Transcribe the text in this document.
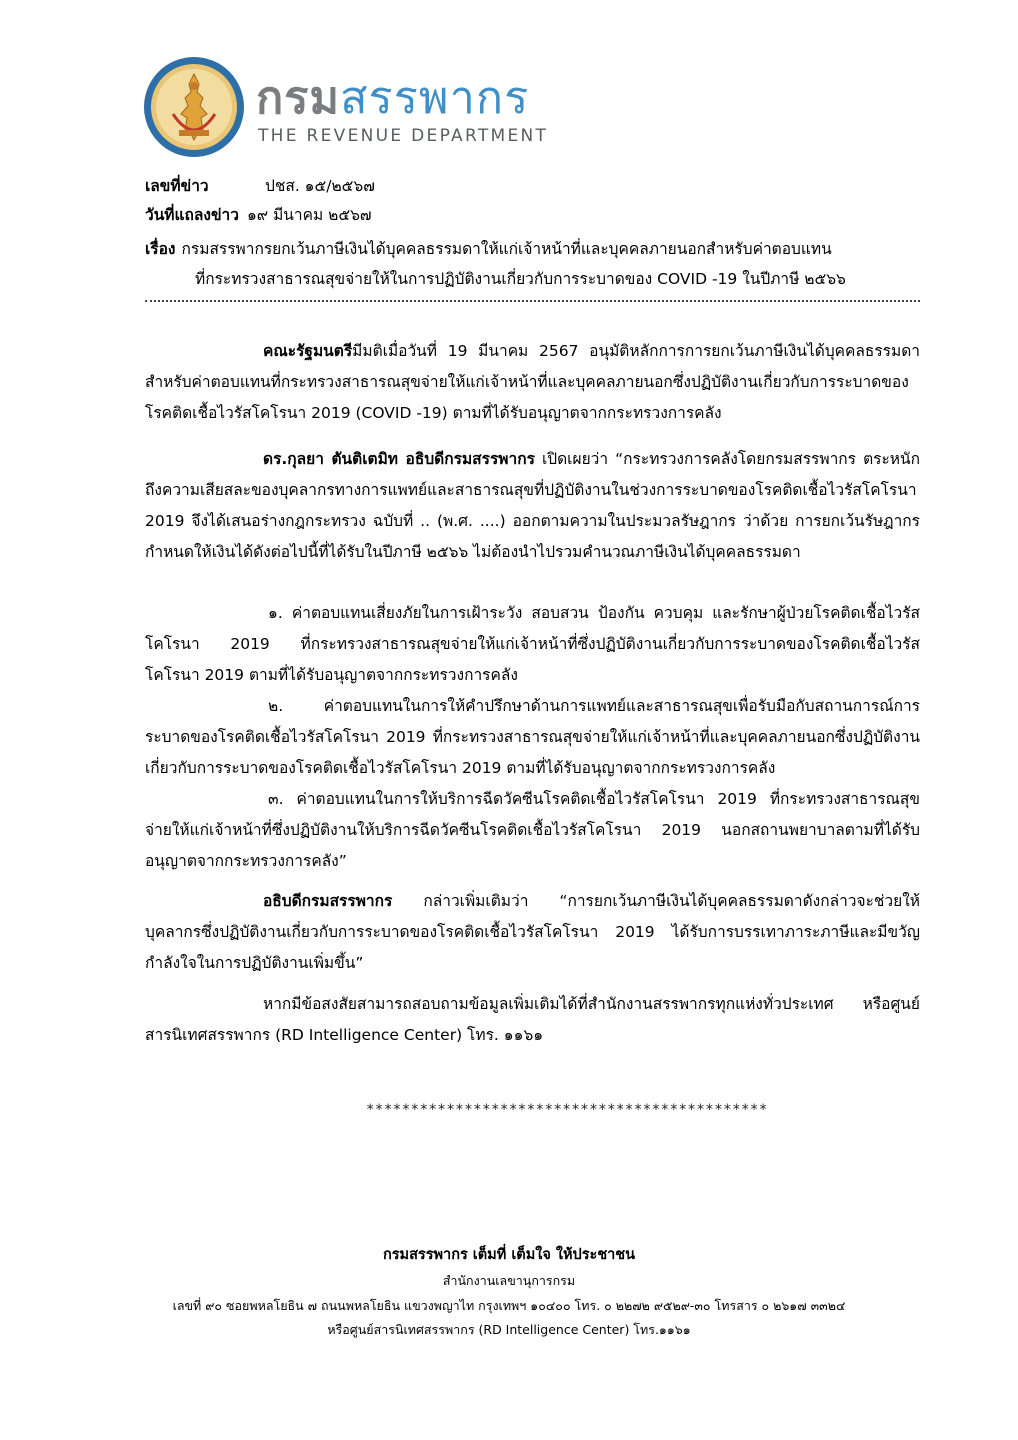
กรมสรรพากร
THE REVENUE DEPARTMENT
เลขที่ข่าว	ปชส. ๑๕/๒๕๖๗
วันที่แถลงข่าว ๑๙ มีนาคม ๒๕๖๗
เรื่อง กรมสรรพากรยกเว้นภาษีเงินได้บุคคลธรรมดาให้แก่เจ้าหน้าที่และบุคคลภายนอกสำหรับค่าตอบแทน
ที่กระทรวงสาธารณสุขจ่ายให้ในการปฏิบัติงานเกี่ยวกับการระบาดของ COVID -19 ในปีภาษี ๒๕๖๖

คณะรัฐมนตรีมีมติเมื่อวันที่ 19 มีนาคม 2567 อนุมัติหลักการการยกเว้นภาษีเงินได้บุคคลธรรมดา สำหรับค่าตอบแทนที่กระทรวงสาธารณสุขจ่ายให้แก่เจ้าหน้าที่และบุคคลภายนอกซึ่งปฏิบัติงานเกี่ยวกับการระบาดของโรคติดเชื้อไวรัสโคโรนา 2019 (COVID -19) ตามที่ได้รับอนุญาตจากกระทรวงการคลัง

ดร.กุลยา ตันติเตมิท อธิบดีกรมสรรพากร เปิดเผยว่า “กระทรวงการคลังโดยกรมสรรพากร ตระหนักถึงความเสียสละของบุคลากรทางการแพทย์และสาธารณสุขที่ปฏิบัติงานในช่วงการระบาดของโรคติดเชื้อไวรัสโคโรนา 2019 จึงได้เสนอร่างกฎกระทรวง ฉบับที่ .. (พ.ศ. ....) ออกตามความในประมวลรัษฎากร ว่าด้วย การยกเว้นรัษฎากรกำหนดให้เงินได้ดังต่อไปนี้ที่ได้รับในปีภาษี ๒๕๖๖ ไม่ต้องนำไปรวมคำนวณภาษีเงินได้บุคคลธรรมดา

๑. ค่าตอบแทนเสี่ยงภัยในการเฝ้าระวัง สอบสวน ป้องกัน ควบคุม และรักษาผู้ป่วยโรคติดเชื้อไวรัสโคโรนา 2019 ที่กระทรวงสาธารณสุขจ่ายให้แก่เจ้าหน้าที่ซึ่งปฏิบัติงานเกี่ยวกับการระบาดของโรคติดเชื้อไวรัสโคโรนา 2019 ตามที่ได้รับอนุญาตจากกระทรวงการคลัง

๒. ค่าตอบแทนในการให้คำปรึกษาด้านการแพทย์และสาธารณสุขเพื่อรับมือกับสถานการณ์การระบาดของโรคติดเชื้อไวรัสโคโรนา 2019 ที่กระทรวงสาธารณสุขจ่ายให้แก่เจ้าหน้าที่และบุคคลภายนอกซึ่งปฏิบัติงานเกี่ยวกับการระบาดของโรคติดเชื้อไวรัสโคโรนา 2019 ตามที่ได้รับอนุญาตจากกระทรวงการคลัง

๓. ค่าตอบแทนในการให้บริการฉีดวัคซีนโรคติดเชื้อไวรัสโคโรนา 2019 ที่กระทรวงสาธารณสุขจ่ายให้แก่เจ้าหน้าที่ซึ่งปฏิบัติงานให้บริการฉีดวัคซีนโรคติดเชื้อไวรัสโคโรนา 2019 นอกสถานพยาบาลตามที่ได้รับอนุญาตจากกระทรวงการคลัง”

อธิบดีกรมสรรพากร กล่าวเพิ่มเติมว่า “การยกเว้นภาษีเงินได้บุคคลธรรมดาดังกล่าวจะช่วยให้บุคลากรซึ่งปฏิบัติงานเกี่ยวกับการระบาดของโรคติดเชื้อไวรัสโคโรนา 2019 ได้รับการบรรเทาภาระภาษีและมีขวัญกำลังใจในการปฏิบัติงานเพิ่มขึ้น”

หากมีข้อสงสัยสามารถสอบถามข้อมูลเพิ่มเติมได้ที่สำนักงานสรรพากรทุกแห่งทั่วประเทศ หรือศูนย์สารนิเทศสรรพากร (RD Intelligence Center) โทร. ๑๑๖๑

*********************************************
กรมสรรพากร เต็มที่ เต็มใจ ให้ประชาชน
สำนักงานเลขานุการกรม
เลขที่ ๙๐ ซอยพหลโยธิน ๗ ถนนพหลโยธิน แขวงพญาไท กรุงเทพฯ ๑๐๔๐๐ โทร. ๐ ๒๒๗๒ ๙๕๒๙-๓๐ โทรสาร ๐ ๒๖๑๗ ๓๓๒๔
หรือศูนย์สารนิเทศสรรพากร (RD Intelligence Center) โทร.๑๑๖๑
